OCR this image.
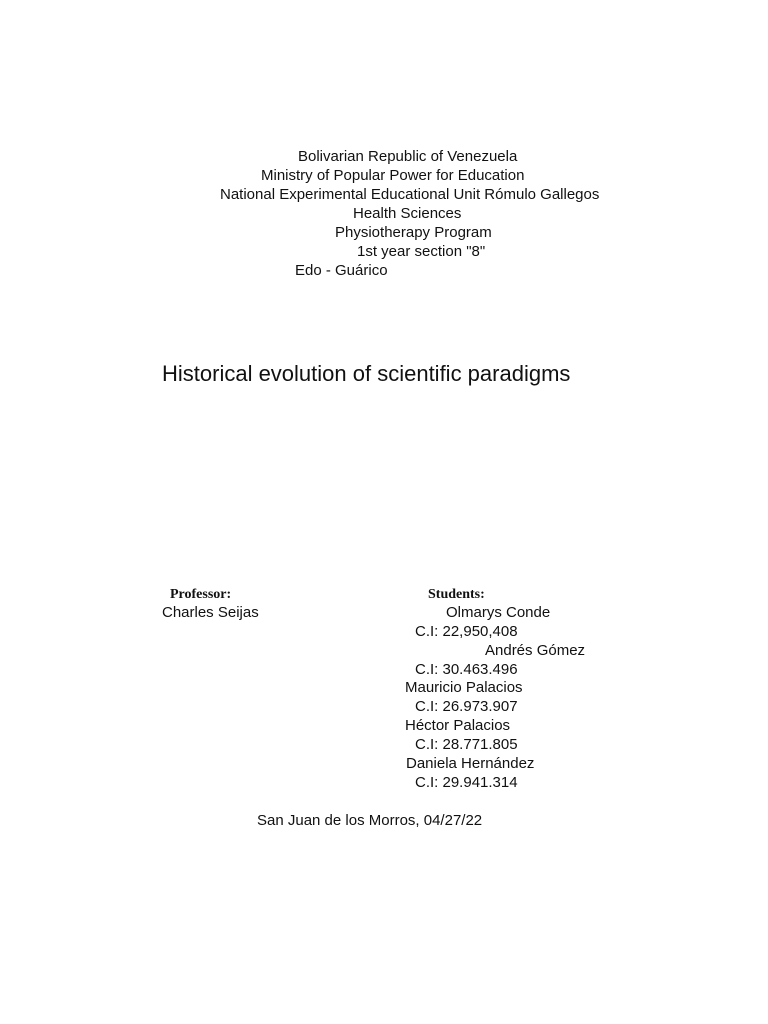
Bolivarian Republic of Venezuela
Ministry of Popular Power for Education
National Experimental Educational Unit Rómulo Gallegos
Health Sciences
Physiotherapy Program
1st year section "8"
Edo - Guárico
Historical evolution of scientific paradigms
Professor:
Charles Seijas
Students:
Olmarys Conde
C.I: 22,950,408
Andrés Gómez
C.I: 30.463.496
Mauricio Palacios
C.I: 26.973.907
Héctor Palacios
C.I: 28.771.805
Daniela Hernández
C.I: 29.941.314
San Juan de los Morros, 04/27/22
